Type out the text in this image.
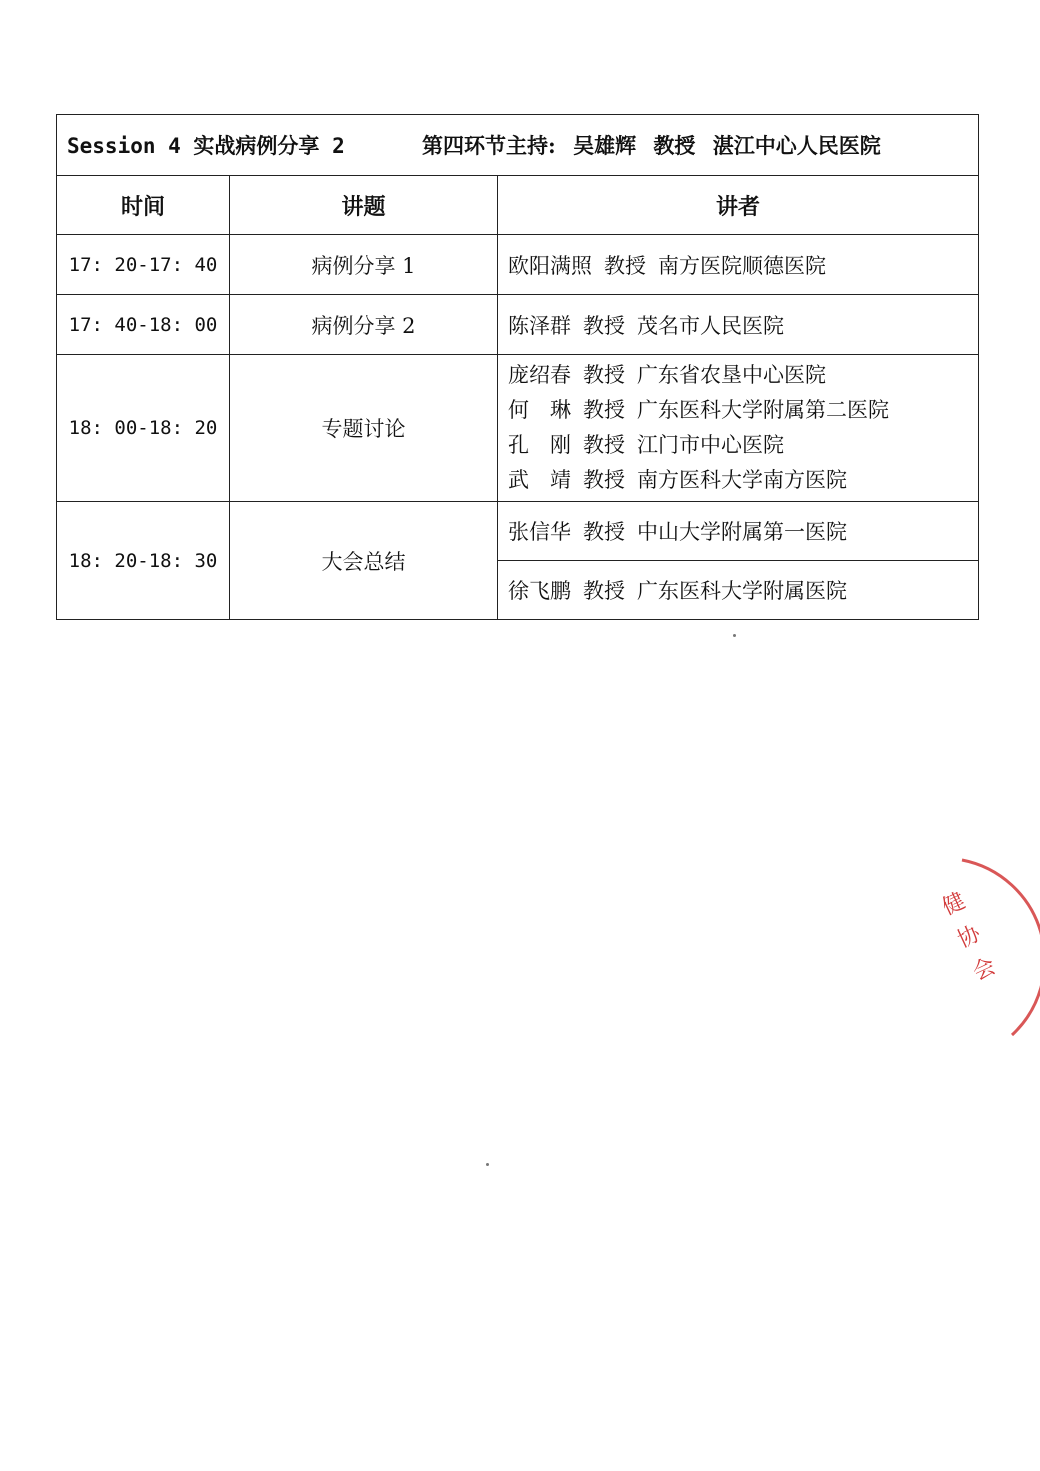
Session 4 实战病例分享 2 第四环节主持: 吴雄辉 教授 湛江中心人民医院		
时间	讲题	讲者
17: 20-17: 40	病例分享 1	欧阳满照 教授 南方医院顺德医院
17: 40-18: 00	病例分享 2	陈泽群 教授 茂名市人民医院
18: 00-18: 20	专题讨论	庞绍春 教授 广东省农垦中心医院
何　琳 教授 广东医科大学附属第二医院
孔　刚 教授 江门市中心医院
武　靖 教授 南方医科大学南方医院

18: 20-18: 30	大会总结	张信华 教授 中山大学附属第一医院
		徐飞鹏 教授 广东医科大学附属医院
健协会
